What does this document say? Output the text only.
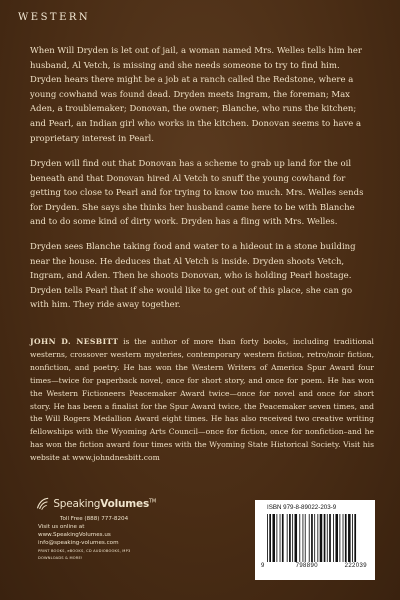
WESTERN

When Will Dryden is let out of jail, a woman named Mrs. Welles tells him her husband, Al Vetch, is missing and she needs someone to try to find him. Dryden hears there might be a job at a ranch called the Redstone, where a young cowhand was found dead. Dryden meets Ingram, the foreman; Max Aden, a troublemaker; Donovan, the owner; Blanche, who runs the kitchen; and Pearl, an Indian girl who works in the kitchen. Donovan seems to have a proprietary interest in Pearl.

Dryden will find out that Donovan has a scheme to grab up land for the oil beneath and that Donovan hired Al Vetch to snuff the young cowhand for getting too close to Pearl and for trying to know too much. Mrs. Welles sends for Dryden. She says she thinks her husband came here to be with Blanche and to do some kind of dirty work. Dryden has a fling with Mrs. Welles.

Dryden sees Blanche taking food and water to a hideout in a stone building near the house. He deduces that Al Vetch is inside. Dryden shoots Vetch, Ingram, and Aden. Then he shoots Donovan, who is holding Pearl hostage. Dryden tells Pearl that if she would like to get out of this place, she can go with him. They ride away together.

JOHN D. NESBITT is the author of more than forty books, including traditional westerns, crossover western mysteries, contemporary western fiction, retro/noir fiction, nonfiction, and poetry. He has won the Western Writers of America Spur Award four times—twice for paperback novel, once for short story, and once for poem. He has won the Western Fictioneers Peacemaker Award twice—once for novel and once for short story. He has been a finalist for the Spur Award twice, the Peacemaker seven times, and the Will Rogers Medallion Award eight times. He has also received two creative writing fellowships with the Wyoming Arts Council—once for fiction, once for nonfiction–and he has won the fiction award four times with the Wyoming State Historical Society. Visit his website at www.johndnesbitt.com

SpeakingVolumes™
Toll Free (888) 777-8204
Visit us online at www.SpeakingVolumes.us
info@speaking-volumes.com
PRINT BOOKS, eBOOKS, CD AUDIOBOOKS, MP3 DOWNLOADS & MORE!
ISBN 979-8-89022-203-9
9	798890	222039
